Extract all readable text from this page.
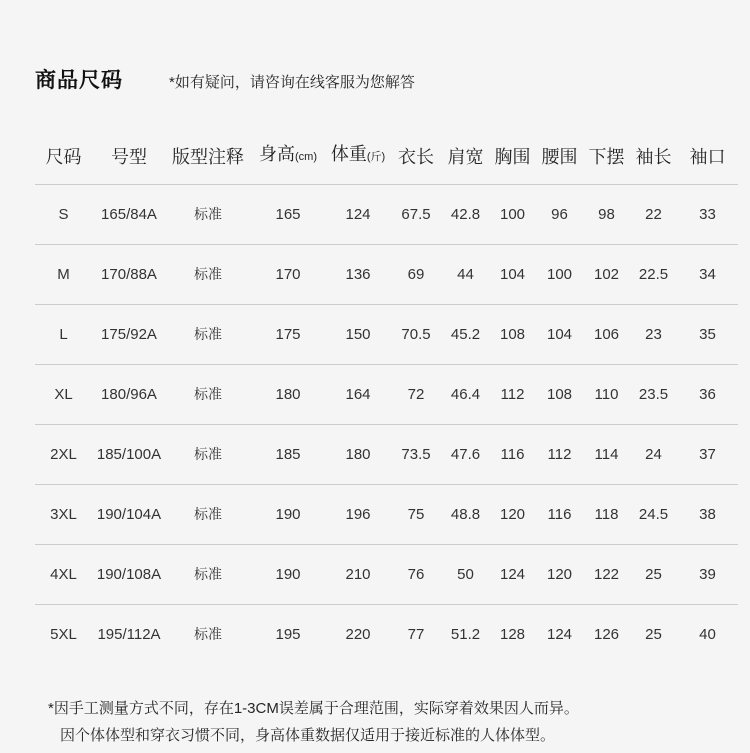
商品尺码	*如有疑问，请咨询在线客服为您解答
尺码	号型	版型注释	身高(cm)	体重(斤)	衣长	肩宽	胸围	腰围	下摆	袖长	袖口
S	165/84A	标准	165	124	67.5	42.8	100	96	98	22	33
M	170/88A	标准	170	136	69	44	104	100	102	22.5	34
L	175/92A	标准	175	150	70.5	45.2	108	104	106	23	35
XL	180/96A	标准	180	164	72	46.4	112	108	110	23.5	36
2XL	185/100A	标准	185	180	73.5	47.6	116	112	114	24	37
3XL	190/104A	标准	190	196	75	48.8	120	116	118	24.5	38
4XL	190/108A	标准	190	210	76	50	124	120	122	25	39
5XL	195/112A	标准	195	220	77	51.2	128	124	126	25	40

*因手工测量方式不同，存在1-3CM误差属于合理范围，实际穿着效果因人而异。

因个体体型和穿衣习惯不同，身高体重数据仅适用于接近标准的人体体型。
